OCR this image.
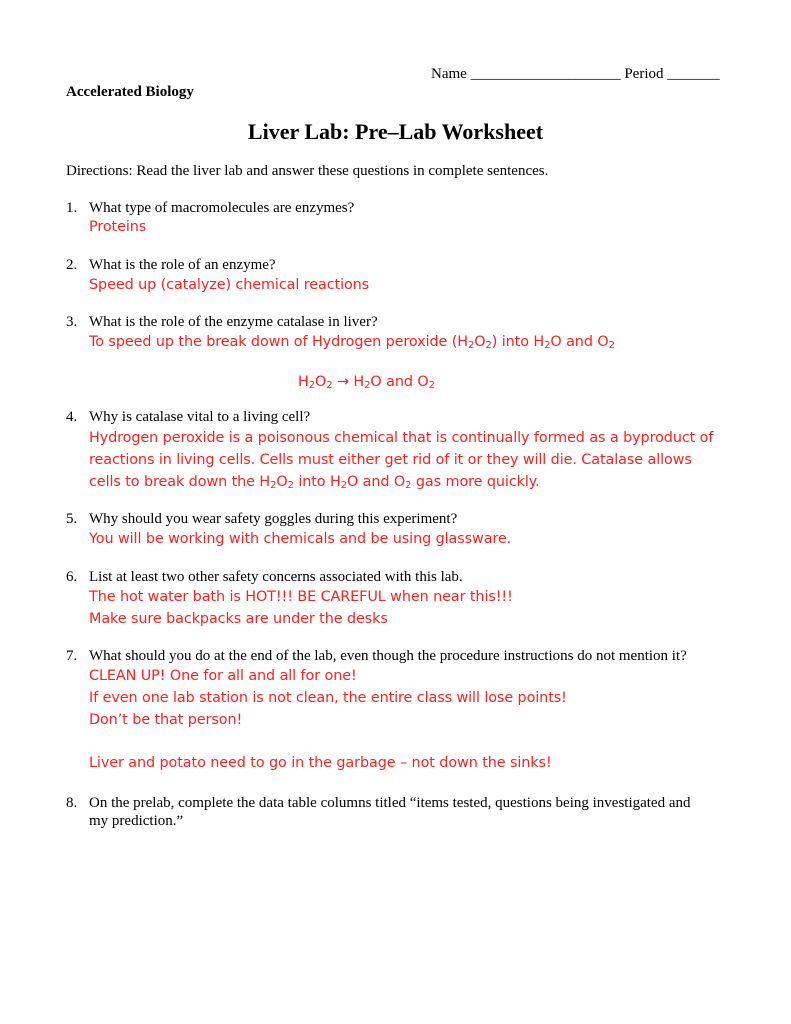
Name ____________________ Period _______
Accelerated Biology
Liver Lab: Pre–Lab Worksheet
Directions: Read the liver lab and answer these questions in complete sentences.
1. What type of macromolecules are enzymes?
Proteins
2. What is the role of an enzyme?
Speed up (catalyze) chemical reactions
3. What is the role of the enzyme catalase in liver?
To speed up the break down of Hydrogen peroxide $(H_2O_2)$ into $H_2O$ and $O_2$
$H_2O_2 \to H_2O$ and $O_2$
4. Why is catalase vital to a living cell?
Hydrogen peroxide is a poisonous chemical that is continually formed as a byproduct of
reactions in living cells. Cells must either get rid of it or they will die. Catalase allows
cells to break down the $H_2O_2$ into $H_2O$ and $O_2$ gas more quickly.
5. Why should you wear safety goggles during this experiment?
You will be working with chemicals and be using glassware.
6. List at least two other safety concerns associated with this lab.
The hot water bath is HOT!!! BE CAREFUL when near this!!!
Make sure backpacks are under the desks
7. What should you do at the end of the lab, even though the procedure instructions do not mention it?
CLEAN UP! One for all and all for one!
If even one lab station is not clean, the entire class will lose points!
Don’t be that person!
Liver and potato need to go in the garbage – not down the sinks!
8. On the prelab, complete the data table columns titled “items tested, questions being investigated and
my prediction.”
